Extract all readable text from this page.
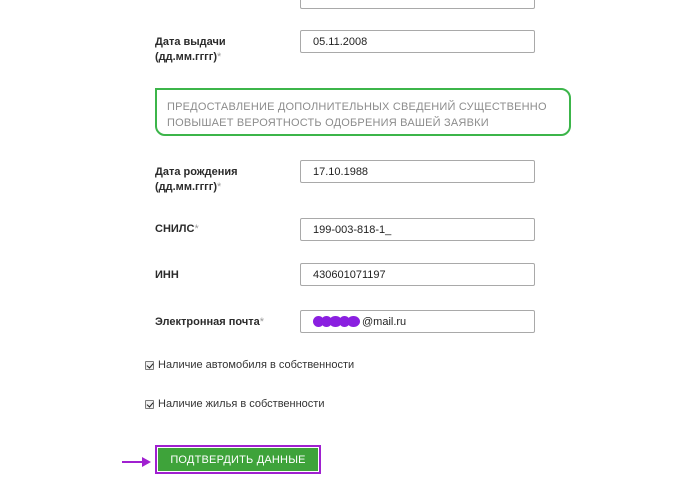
Дата выдачи
(дд.мм.гггг)*
05.11.2008
ПРЕДОСТАВЛЕНИЕ ДОПОЛНИТЕЛЬНЫХ СВЕДЕНИЙ СУЩЕСТВЕННО ПОВЫШАЕТ ВЕРОЯТНОСТЬ ОДОБРЕНИЯ ВАШЕЙ ЗАЯВКИ
Дата рождения
(дд.мм.гггг)*
17.10.1988
СНИЛС*
199-003-818-1_
ИНН
430601071197
Электронная почта*	@mail.ru
Наличие автомобиля в собственности
Наличие жилья в собственности
ПОДТВЕРДИТЬ ДАННЫЕ
